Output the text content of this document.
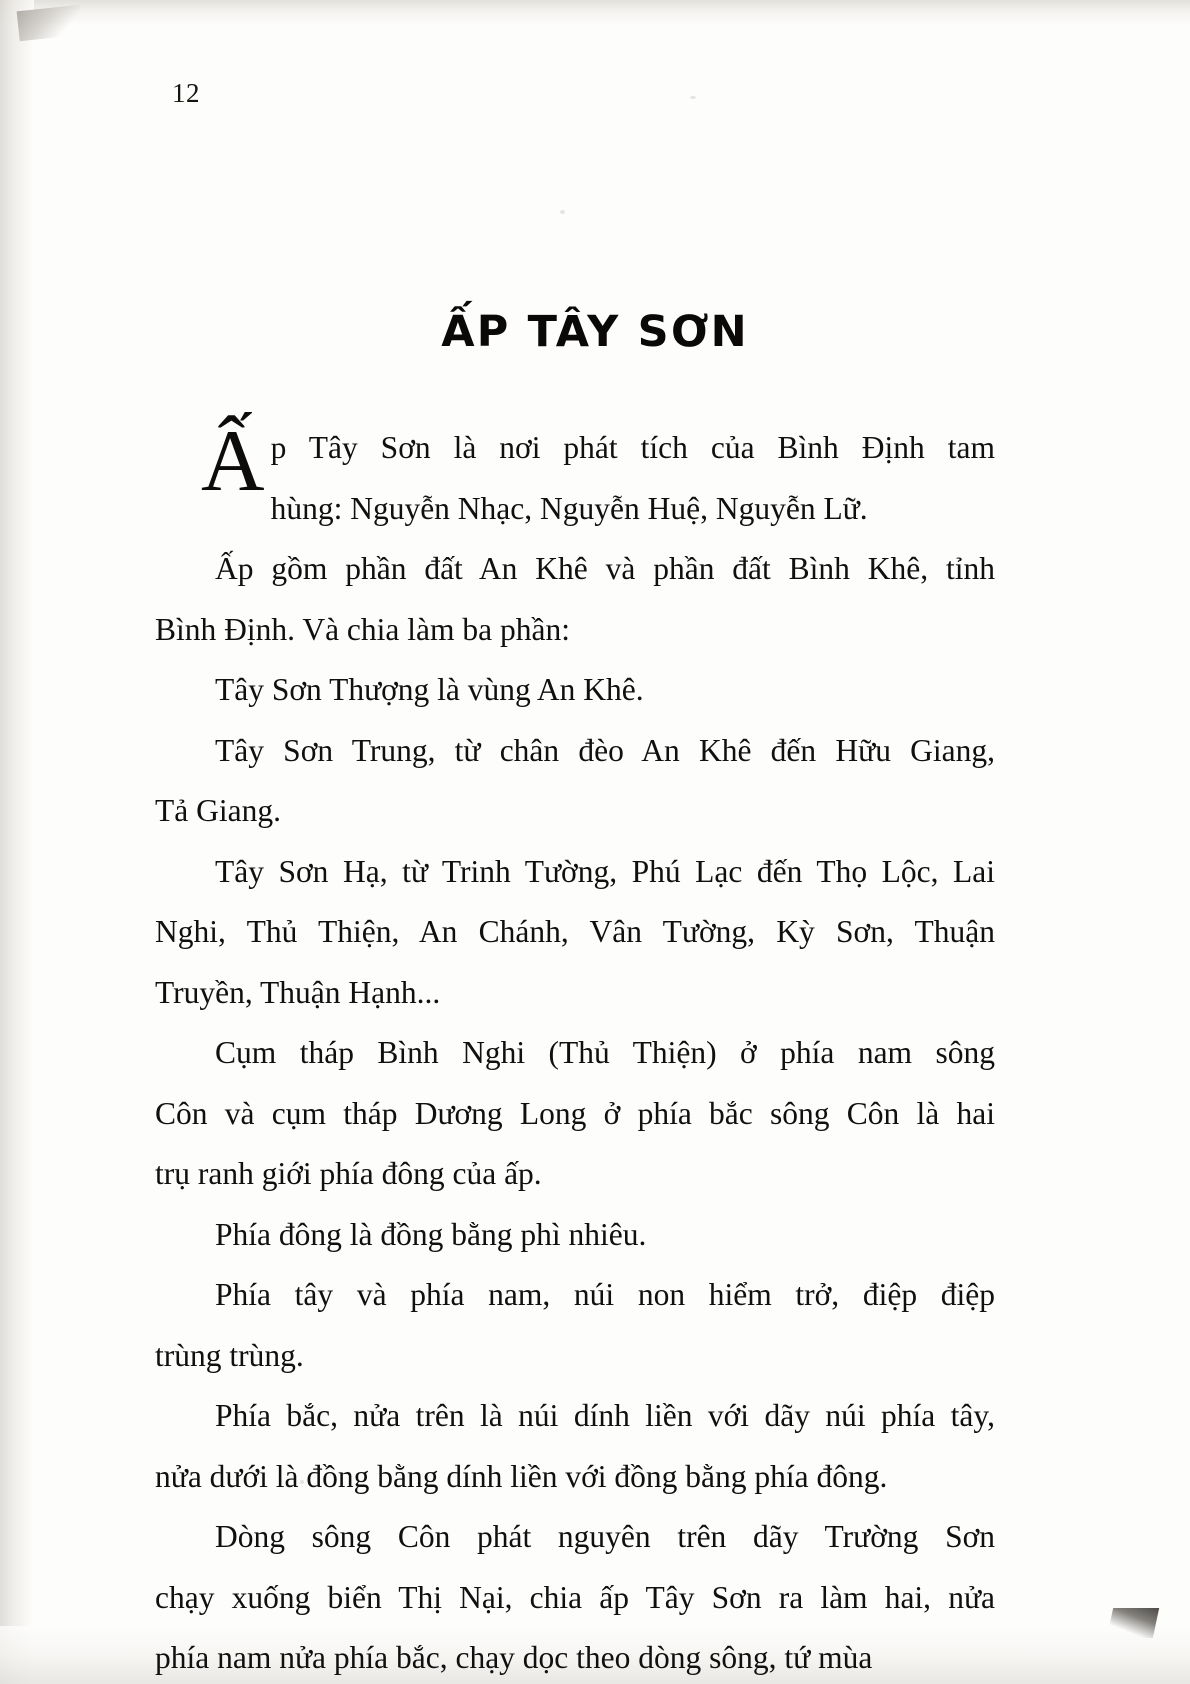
12
ẤP TÂY SƠN

Ấ p Tây Sơn là nơi phát tích của Bình Định tam
hùng: Nguyễn Nhạc, Nguyễn Huệ, Nguyễn Lữ.

Ấp gồm phần đất An Khê và phần đất Bình Khê, tỉnh
Bình Định. Và chia làm ba phần:

Tây Sơn Thượng là vùng An Khê.

Tây Sơn Trung, từ chân đèo An Khê đến Hữu Giang,
Tả Giang.

Tây Sơn Hạ, từ Trinh Tường, Phú Lạc đến Thọ Lộc, Lai
Nghi, Thủ Thiện, An Chánh, Vân Tường, Kỳ Sơn, Thuận
Truyền, Thuận Hạnh...

Cụm tháp Bình Nghi (Thủ Thiện) ở phía nam sông
Côn và cụm tháp Dương Long ở phía bắc sông Côn là hai
trụ ranh giới phía đông của ấp.

Phía đông là đồng bằng phì nhiêu.

Phía tây và phía nam, núi non hiểm trở, điệp điệp
trùng trùng.

Phía bắc, nửa trên là núi dính liền với dãy núi phía tây,
nửa dưới là đồng bằng dính liền với đồng bằng phía đông.

Dòng sông Côn phát nguyên trên dãy Trường Sơn
chạy xuống biển Thị Nại, chia ấp Tây Sơn ra làm hai, nửa
phía nam nửa phía bắc, chạy dọc theo dòng sông, tứ mùa
